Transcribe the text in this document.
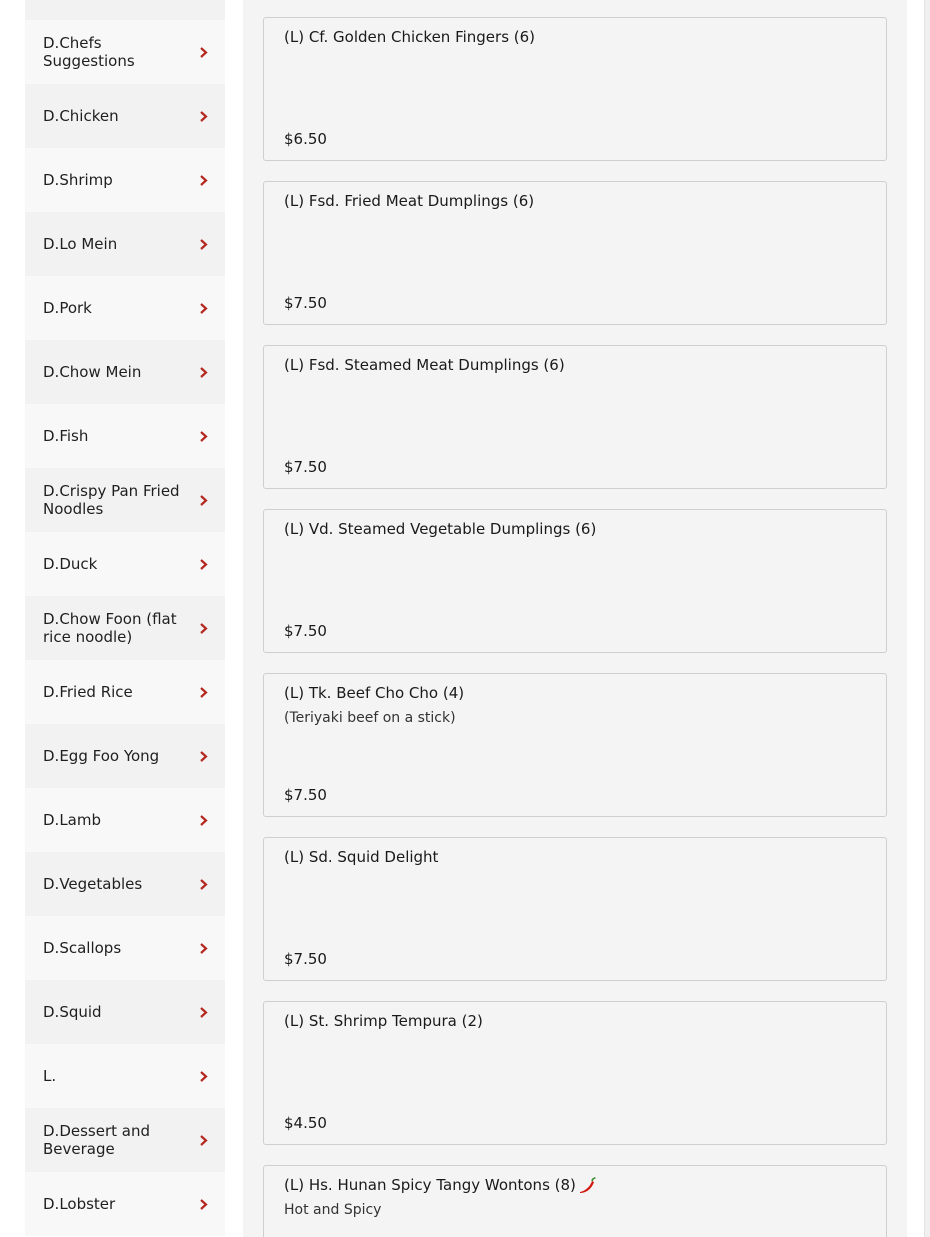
D.Chefs Suggestions
D.Chicken
D.Shrimp
D.Lo Mein
D.Pork
D.Chow Mein
D.Fish
D.Crispy Pan Fried Noodles
D.Duck
D.Chow Foon (flat rice noodle)
D.Fried Rice
D.Egg Foo Yong
D.Lamb
D.Vegetables
D.Scallops
D.Squid
L.
D.Dessert and Beverage
D.Lobster
(L) Cf. Golden Chicken Fingers (6)
$6.50
(L) Fsd. Fried Meat Dumplings (6)
$7.50
(L) Fsd. Steamed Meat Dumplings (6)
$7.50
(L) Vd. Steamed Vegetable Dumplings (6)
$7.50
(L) Tk. Beef Cho Cho (4)
(Teriyaki beef on a stick)
$7.50
(L) Sd. Squid Delight
$7.50
(L) St. Shrimp Tempura (2)
$4.50
(L) Hs. Hunan Spicy Tangy Wontons (8)
Hot and Spicy
